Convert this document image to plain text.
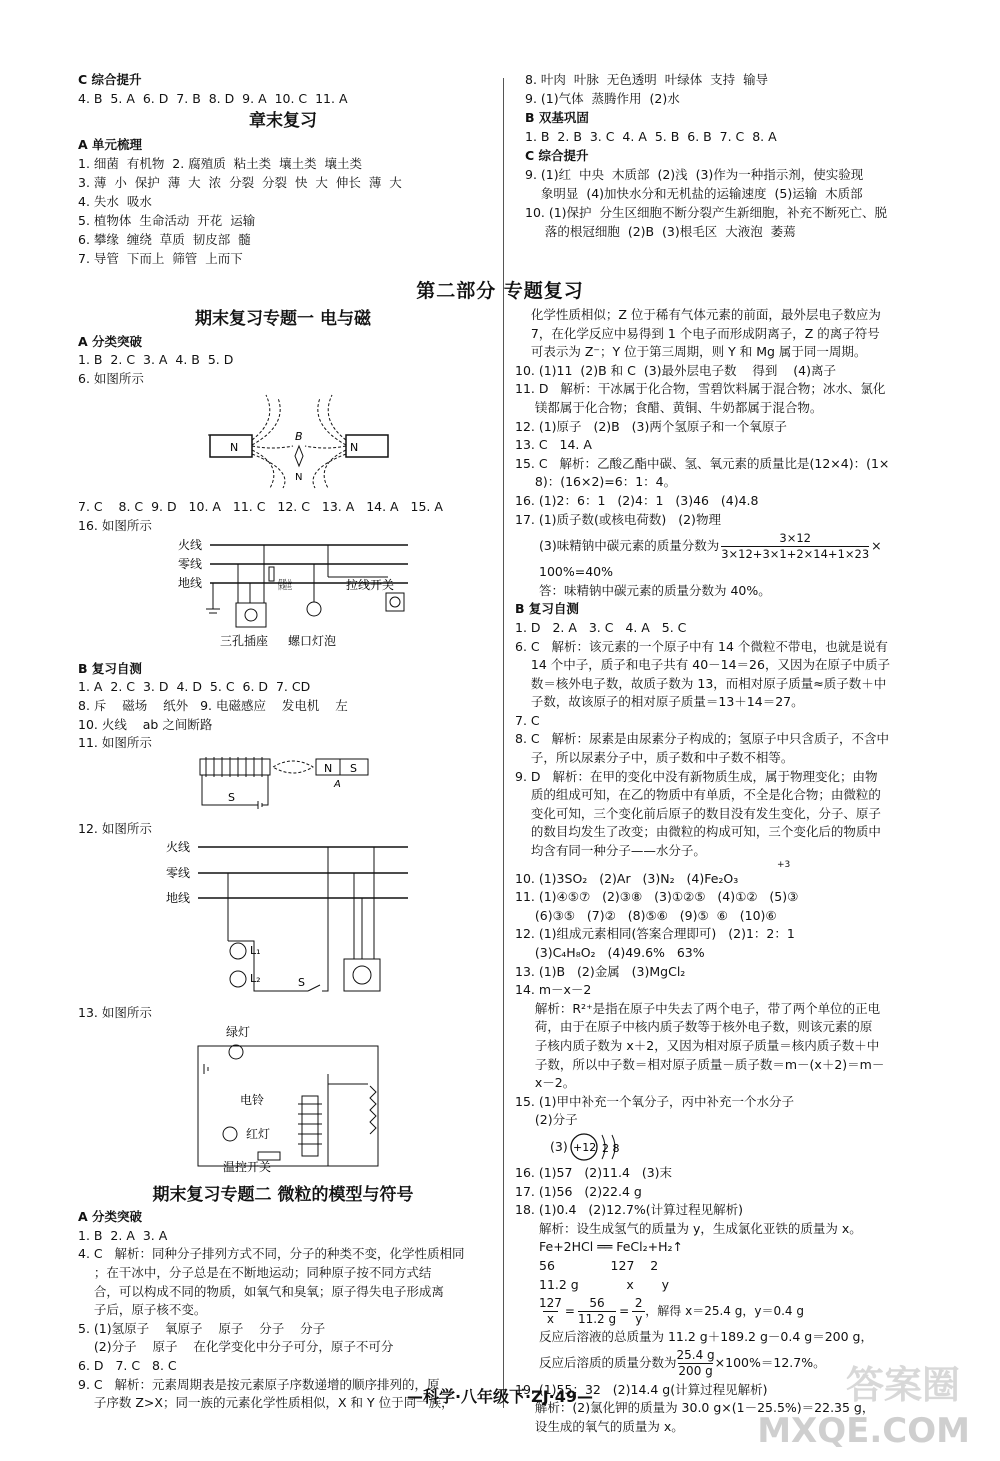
C 综合提升

4. B  5. A  6. D  7. B  8. D  9. A  10. C  11. A

章末复习

A 单元梳理

1. 细菌  有机物  2. 腐殖质  粘土类  壤土类  壤土类

3. 薄  小  保护  薄  大  浓  分裂  分裂  快  大  伸长  薄  大

4. 失水  吸水

5. 植物体  生命活动  开花  运输

6. 攀缘  缠绕  草质  韧皮部  髓

7. 导管  下而上  筛管  上而下

8. 叶肉  叶脉  无色透明  叶绿体  支持  输导

9. (1)气体  蒸腾作用  (2)水

B 双基巩固

1. B  2. B  3. C  4. A  5. B  6. B  7. C  8. A

C 综合提升

9. (1)红  中央  木质部  (2)浅  (3)作为一种指示剂，使实验现

象明显  (4)加快水分和无机盐的运输速度  (5)运输  木质部

10. (1)保护  分生区细胞不断分裂产生新细胞，补充不断死亡、脱

落的根冠细胞  (2)B  (3)根毛区  大液泡  萎蔫

第二部分 专题复习

期末复习专题一 电与磁

A 分类突破

1. B  2. C  3. A  4. B  5. D

6. 如图所示

N	N
B
N

7. C    8. C  9. D   10. A   11. C   12. C   13. A   14. A   15. A

16. 如图所示

火线
零线
地线	保险丝	拉线开关
三孔插座 螺口灯泡

B 复习自测

1. A  2. C  3. D  4. D  5. C  6. D  7. CD

8. 斥    磁场    纸外   9. 电磁感应    发电机    左

10. 火线    ab 之间断路

11. 如图所示

N S
A
S

12. 如图所示

火线
零线
地线
L₁
L₂	S

13. 如图所示

绿灯
电铃
红灯
温控开关

期末复习专题二 微粒的模型与符号

A 分类突破

1. B  2. A  3. A

4. C   解析：同种分子排列方式不同，分子的种类不变，化学性质相同

；在干冰中，分子总是在不断地运动；同种原子按不同方式结

合，可以构成不同的物质，如氧气和臭氧；原子得失电子形成离

子后，原子核不变。

5. (1)氢原子    氧原子    原子    分子    分子

(2)分子    原子    在化学变化中分子可分，原子不可分

6. D   7. C   8. C

9. C   解析：元素周期表是按元素原子序数递增的顺序排列的，原

子序数 Z>X；同一族的元素化学性质相似，X 和 Y 位于同一族，

化学性质相似；Z 位于稀有气体元素的前面，最外层电子数应为

7，在化学反应中易得到 1 个电子而形成阴离子，Z 的离子符号

可表示为 Z⁻；Y 位于第三周期，则 Y 和 Mg 属于同一周期。

10. (1)11  (2)B 和 C  (3)最外层电子数    得到    (4)离子

11. D   解析：干冰属于化合物，雪碧饮料属于混合物；冰水、氯化

镁都属于化合物；食醋、黄铜、牛奶都属于混合物。

12. (1)原子   (2)B   (3)两个氢原子和一个氧原子

13. C   14. A

15. C   解析：乙酸乙酯中碳、氢、氧元素的质量比是(12×4)：(1×

8)：(16×2)=6：1：4。

16. (1)2：6：1   (2)4：1   (3)46   (4)4.8

17. (1)质子数(或核电荷数)   (2)物理

(3)味精钠中碳元素的质量分数为 $\frac{3\times 12}{3\times 12+3\times 1+2\times 14+1\times 23}$ ×

100%=40%

答：味精钠中碳元素的质量分数为 40%。

B 复习自测

1. D   2. A   3. C   4. A   5. C

6. C   解析：该元素的一个原子中有 14 个微粒不带电，也就是说有

14 个中子，质子和电子共有 40－14＝26，又因为在原子中质子

数＝核外电子数，故质子数为 13，而相对原子质量≈质子数＋中

子数，故该原子的相对原子质量＝13＋14＝27。

7. C

8. C   解析：尿素是由尿素分子构成的；氢原子中只含质子，不含中

子，所以尿素分子中，质子数和中子数不相等。

9. D   解析：在甲的变化中没有新物质生成，属于物理变化；由物

质的组成可知，在乙的物质中有单质，不全是化合物；由微粒的

变化可知，三个变化前后原子的数目没有发生变化，分子、原子

的数目均发生了改变；由微粒的构成可知，三个变化后的物质中

均含有同一种分子——水分子。

+3

10. (1)3SO₂   (2)Ar   (3)N₂   (4)Fe₂O₃

11. (1)④⑤⑦   (2)③⑧   (3)①②⑤   (4)①②   (5)③

(6)③⑤   (7)②   (8)⑤⑥   (9)⑤  ⑥   (10)⑥

12. (1)组成元素相同(答案合理即可)   (2)1：2：1

(3)C₄H₈O₂   (4)49.6%   63%

13. (1)B   (2)金属   (3)MgCl₂

14. m－x－2

解析：R²⁺是指在原子中失去了两个电子，带了两个单位的正电

荷，由于在原子中核内质子数等于核外电子数，则该元素的原

子核内质子数为 x＋2，又因为相对原子质量＝核内质子数＋中

子数，所以中子数＝相对原子质量－质子数＝m－(x＋2)＝m－

x－2。

15. (1)甲中补充一个氧分子，丙中补充一个水分子

(2)分子

(3) +12 2 8

16. (1)57   (2)11.4   (3)末

17. (1)56   (2)22.4 g

18. (1)0.4   (2)12.7%(计算过程见解析)

解析：设生成氢气的质量为 y，生成氯化亚铁的质量为 x。

Fe+2HCl ══ FeCl₂+H₂↑

56              127    2

11.2 g            x       y

$\frac{127}{x} = \frac{56}{11.2 g} = \frac{2}{y}$ ，解得 x＝25.4 g，y＝0.4 g

反应后溶液的总质量为 11.2 g＋189.2 g－0.4 g＝200 g，

反应后溶质的质量分数为 $\frac{25.4 g}{200 g} \times 100\%=12.7\%$。

19. (1)55：32   (2)14.4 g(计算过程见解析)

解析：(2)氯化钾的质量为 30.0 g×(1－25.5%)＝22.35 g，

设生成的氧气的质量为 x。

—科学·八年级下·ZJ·49—	答案圈
MXQE.COM
